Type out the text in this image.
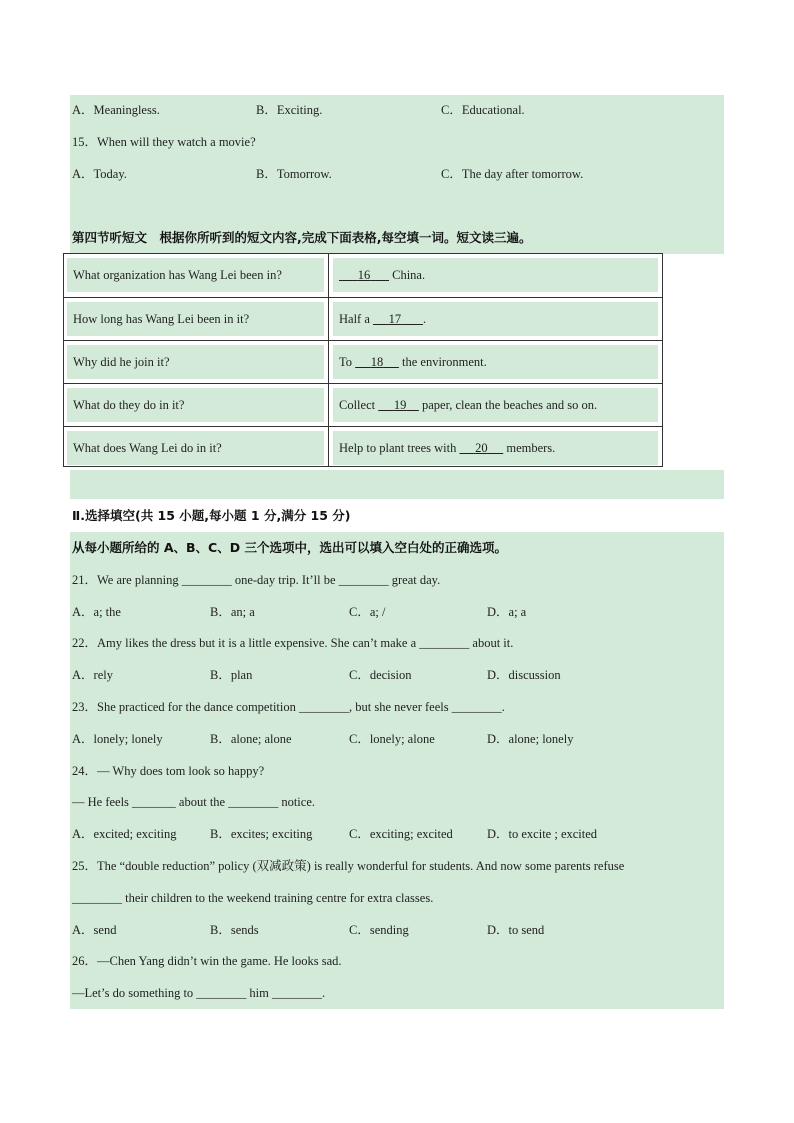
A．Meaningless.	B．Exciting.	C．Educational.
15．When will they watch a movie?
A．Today.	B．Tomorrow.	C．The day after tomorrow.
第四节听短文　根据你所听到的短文内容,完成下面表格,每空填一词。短文读三遍。
What organization has Wang Lei been in?	16       China.
How long has Wang Lei been in it?	Half a      17 .
Why did he join it?	To      18      the environment.
What do they do in it?	Collect      19     paper, clean the beaches and so on.
What does Wang Lei do in it?	Help to plant trees with      20      members.
Ⅱ.选择填空(共 15 小题,每小题 1 分,满分 15 分)
从每小题所给的 A、B、C、D 三个选项中，选出可以填入空白处的正确选项。
21．We are planning ________ one-day trip. It’ll be ________ great day.
A．a; the	B．an; a	C．a; /	D．a; a
22．Amy likes the dress but it is a little expensive. She can’t make a ________ about it.
A．rely	B．plan	C．decision	D．discussion
23．She practiced for the dance competition ________, but she never feels ________.
A．lonely; lonely	B．alone; alone	C．lonely; alone	D．alone; lonely
24．— Why does tom look so happy?
— He feels _______ about the ________ notice.
A．excited; exciting	B．excites; exciting	C．exciting; excited	D．to excite ; excited
25．The “double reduction” policy (双减政策) is really wonderful for students. And now some parents refuse
________ their children to the weekend training centre for extra classes.
A．send	B．sends	C．sending	D．to send
26．—Chen Yang didn’t win the game. He looks sad.
—Let’s do something to ________ him ________.
